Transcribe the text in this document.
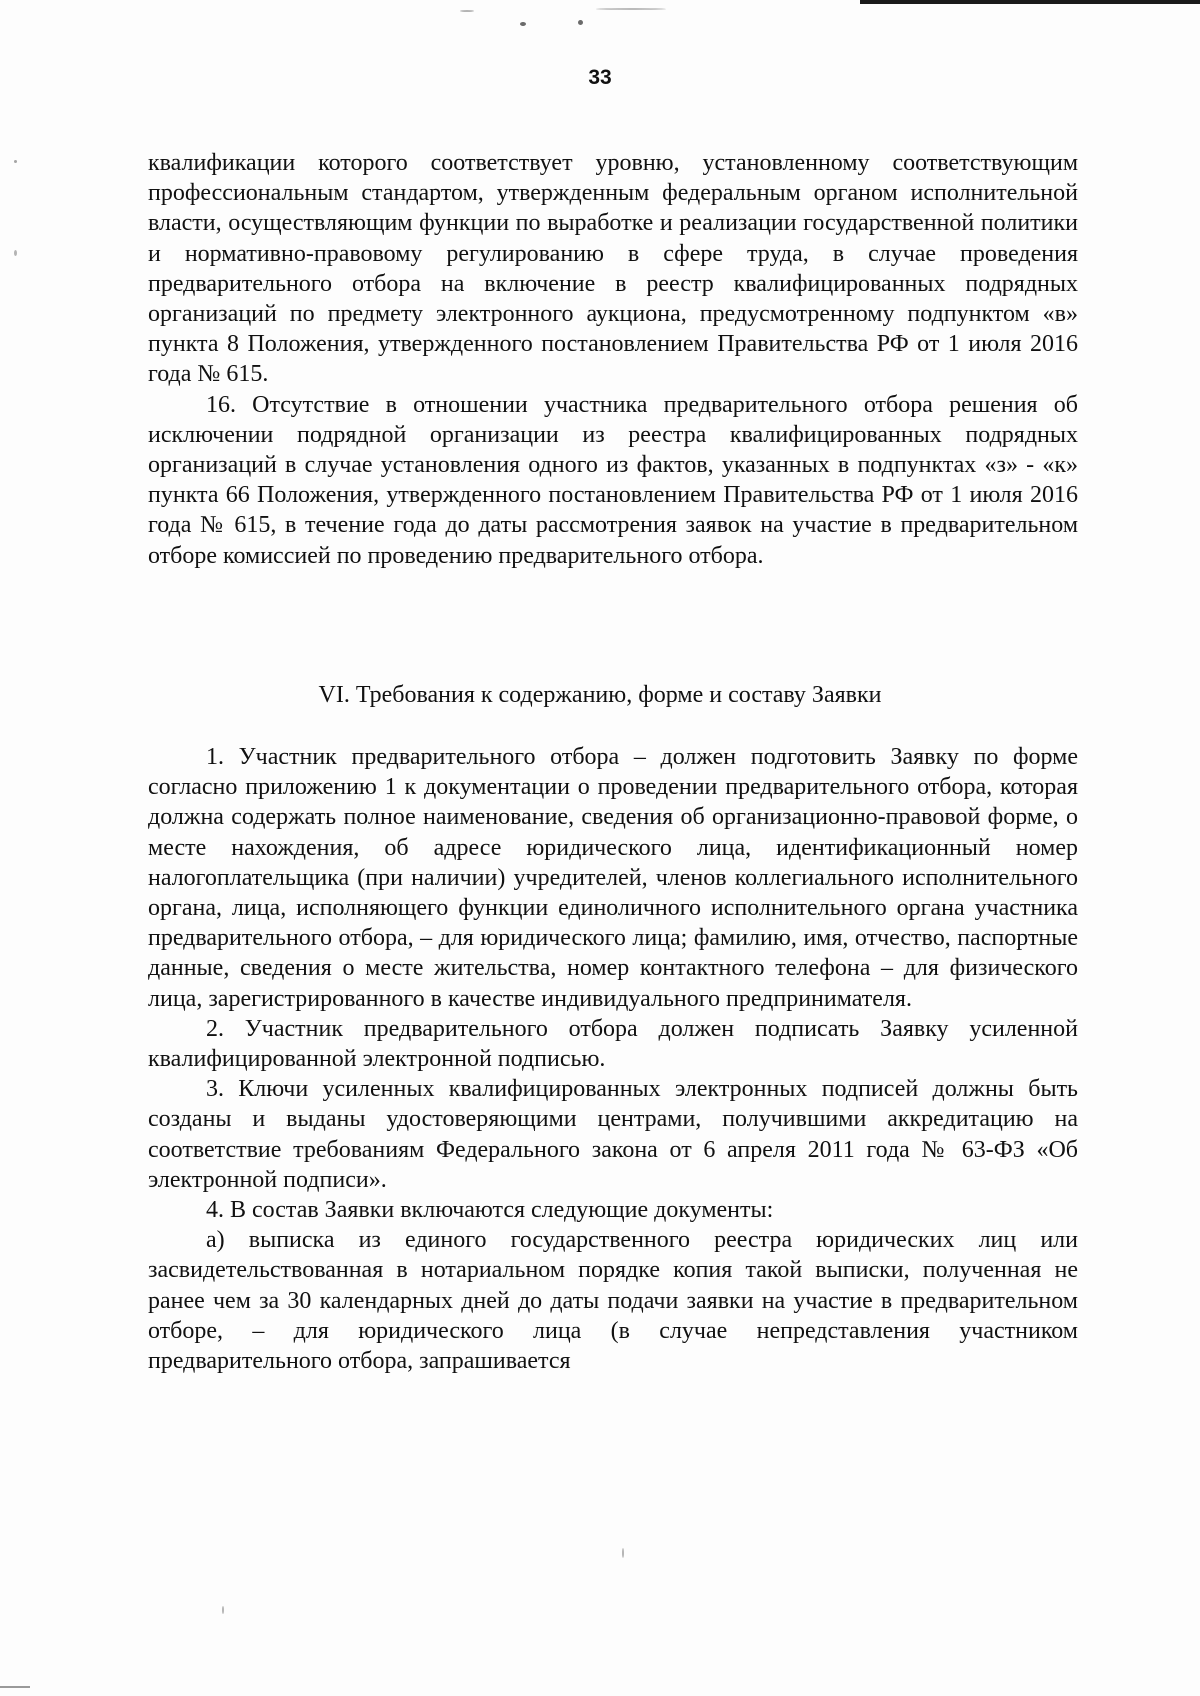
33

квалификации которого соответствует уровню, установленному соответствующим профессиональным стандартом, утвержденным федеральным органом исполнительной власти, осуществляющим функции по выработке и реализации государственной политики и нормативно-правовому регулированию в сфере труда, в случае проведения предварительного отбора на включение в реестр квалифицированных подрядных организаций по предмету электронного аукциона, предусмотренному подпунктом «в» пункта 8 Положения, утвержденного постановлением Правительства РФ от 1 июля 2016 года № 615.

16. Отсутствие в отношении участника предварительного отбора решения об исключении подрядной организации из реестра квалифицированных подрядных организаций в случае установления одного из фактов, указанных в подпунктах «з» - «к» пункта 66 Положения, утвержденного постановлением Правительства РФ от 1 июля 2016 года № 615, в течение года до даты рассмотрения заявок на участие в предварительном отборе комиссией по проведению предварительного отбора.

VI. Требования к содержанию, форме и составу Заявки

1. Участник предварительного отбора – должен подготовить Заявку по форме согласно приложению 1 к документации о проведении предварительного отбора, которая должна содержать полное наименование, сведения об организационно-правовой форме, о месте нахождения, об адресе юридического лица, идентификационный номер налогоплательщика (при наличии) учредителей, членов коллегиального исполнительного органа, лица, исполняющего функции единоличного исполнительного органа участника предварительного отбора, – для юридического лица; фамилию, имя, отчество, паспортные данные, сведения о месте жительства, номер контактного телефона – для физического лица, зарегистрированного в качестве индивидуального предпринимателя.

2. Участник предварительного отбора должен подписать Заявку усиленной квалифицированной электронной подписью.

3. Ключи усиленных квалифицированных электронных подписей должны быть созданы и выданы удостоверяющими центрами, получившими аккредитацию на соответствие требованиям Федерального закона от 6 апреля 2011 года № 63-ФЗ «Об электронной подписи».

4. В состав Заявки включаются следующие документы:

а) выписка из единого государственного реестра юридических лиц или засвидетельствованная в нотариальном порядке копия такой выписки, полученная не ранее чем за 30 календарных дней до даты подачи заявки на участие в предварительном отборе, – для юридического лица (в случае непредставления участником предварительного отбора, запрашивается
